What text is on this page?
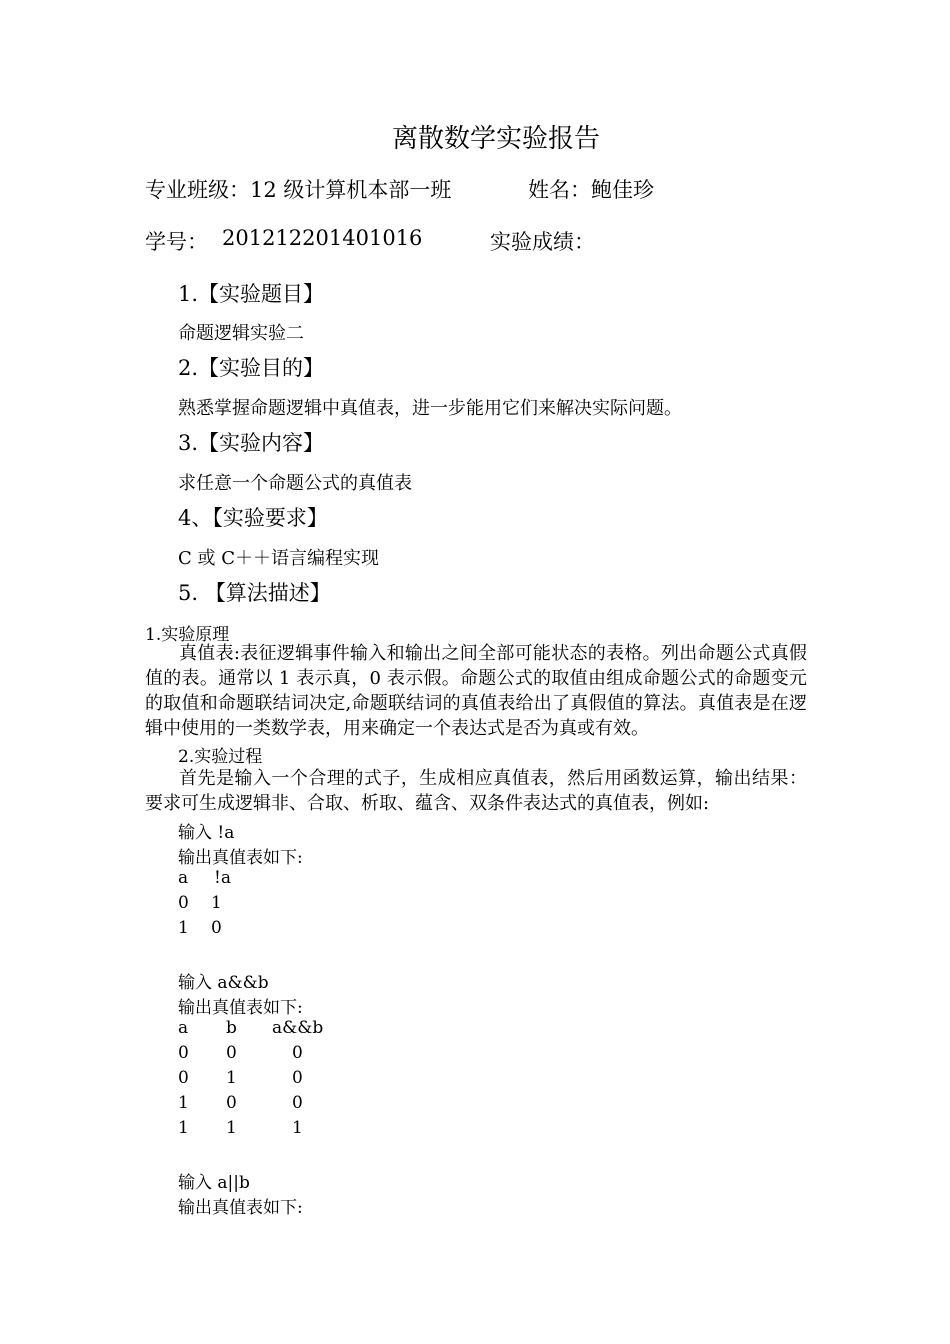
离散数学实验报告
专业班级：12 级计算机本部一班	姓名：鲍佳珍
学号： 201212201401016	实验成绩：
1.【实验题目】
命题逻辑实验二
2.【实验目的】
熟悉掌握命题逻辑中真值表，进一步能用它们来解决实际问题。
3.【实验内容】
求任意一个命题公式的真值表
4、【实验要求】
C 或 C＋＋语言编程实现
5. 【算法描述】
1.实验原理
真值表:表征逻辑事件输入和输出之间全部可能状态的表格。列出命题公式真假值的表。通常以 1 表示真，0 表示假。命题公式的取值由组成命题公式的命题变元的取值和命题联结词决定,命题联结词的真值表给出了真假值的算法。真值表是在逻辑中使用的一类数学表，用来确定一个表达式是否为真或有效。
2.实验过程
首先是输入一个合理的式子，生成相应真值表，然后用函数运算，输出结果：要求可生成逻辑非、合取、析取、蕴含、双条件表达式的真值表，例如:
输入 !a
输出真值表如下:
a !a
0 1
1 0
输入 a&&b
输出真值表如下:
a b a&&b
0 0	0
0 1	0
1 0	0
1 1	1
输入 a||b
输出真值表如下:
